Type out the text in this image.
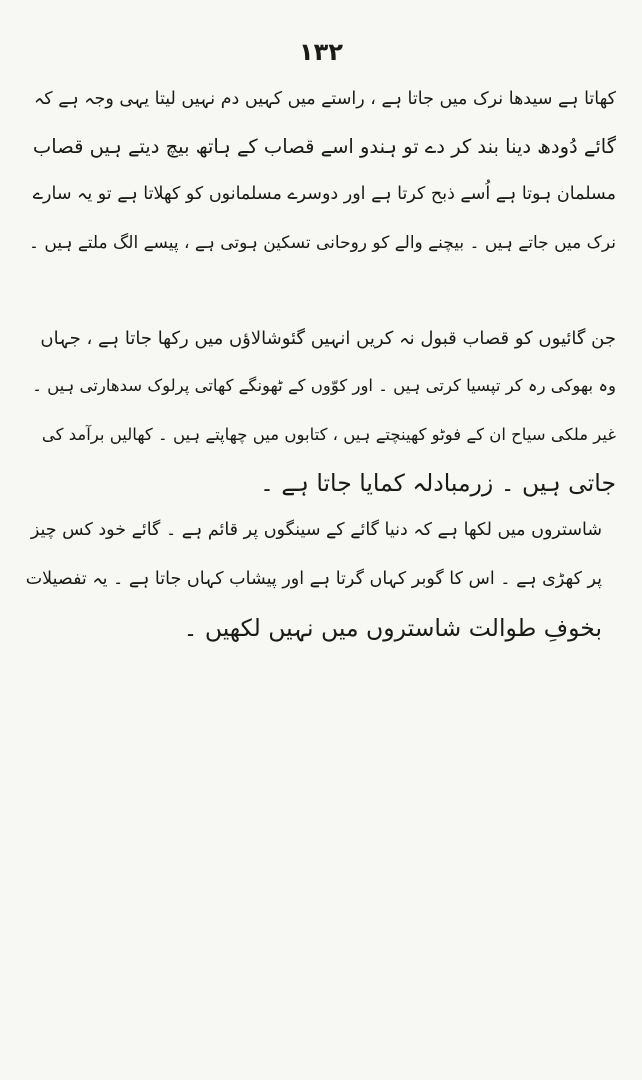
١٣٢
کھاتا ہے سیدھا نرک میں جاتا ہے ، راستے میں کہیں دم نہیں لیتا یہی وجہ ہے کہ
گائے دُودھ دینا بند کر دے تو ہندو اسے قصاب کے ہاتھ بیچ دیتے ہیں قصاب
مسلمان ہوتا ہے اُسے ذبح کرتا ہے اور دوسرے مسلمانوں کو کھلاتا ہے تو یہ سارے
نرک میں جاتے ہیں ۔ بیچنے والے کو روحانی تسکین ہوتی ہے ، پیسے الگ ملتے ہیں ۔
جن گائیوں کو قصاب قبول نہ کریں انہیں گئوشالاؤں میں رکھا جاتا ہے ، جہاں
وہ بھوکی رہ کر تپسیا کرتی ہیں ۔ اور کوّوں کے ٹھونگے کھاتی پرلوک سدھارتی ہیں ۔
غیر ملکی سیاح ان کے فوٹو کھینچتے ہیں ، کتابوں میں چھاپتے ہیں ۔ کھالیں برآمد کی
جاتی ہیں ۔ زرمبادلہ کمایا جاتا ہے ۔
شاستروں میں لکھا ہے کہ دنیا گائے کے سینگوں پر قائم ہے ۔ گائے خود کس چیز
پر کھڑی ہے ۔ اس کا گوبر کہاں گرتا ہے اور پیشاب کہاں جاتا ہے ۔ یہ تفصیلات
بخوفِ طوالت شاستروں میں نہیں لکھیں ۔
